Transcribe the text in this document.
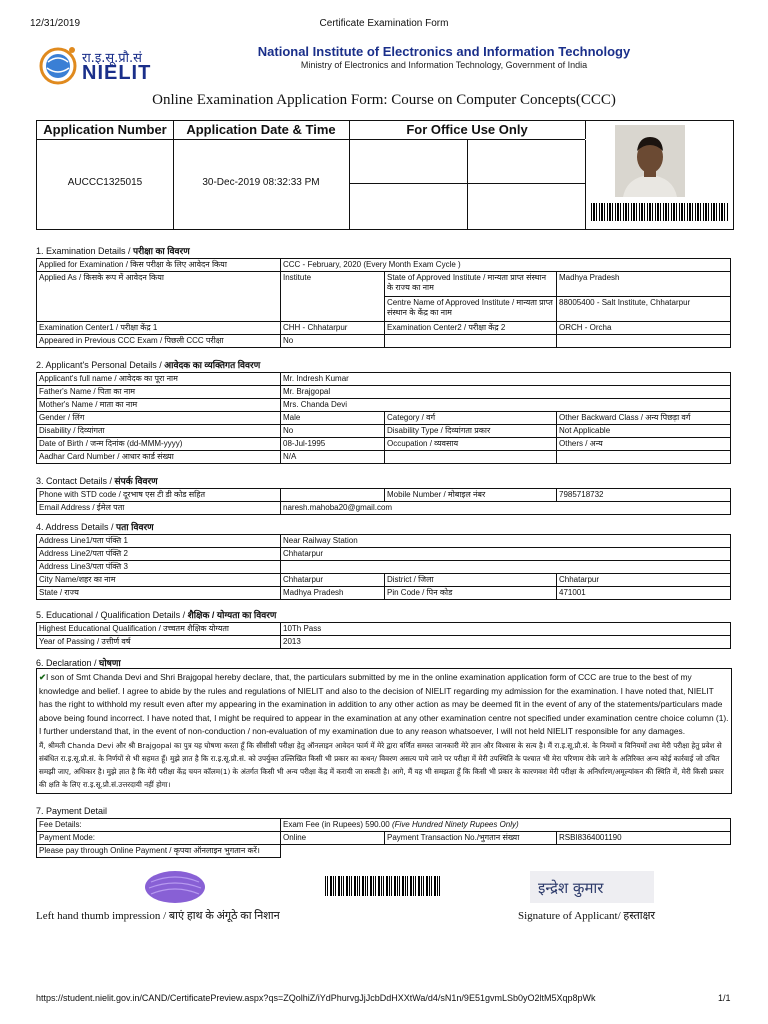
12/31/2019	Certificate Examination Form
रा.इ.सू.प्रौ.सं
NIELIT
National Institute of Electronics and Information Technology
Ministry of Electronics and Information Technology, Government of India
Online Examination Application Form: Course on Computer Concepts(CCC)
Application Number	Application Date & Time	For Office Use Only
AUCCC1325015	30-Dec-2019 08:32:33 PM
1. Examination Details / परीक्षा का विवरण
Applied for Examination / किस परीक्षा के लिए आवेदन किया	CCC - February, 2020 (Every Month Exam Cycle )		
Applied As / किसके रूप में आवेदन किया	Institute	State of Approved Institute / मान्यता प्राप्त संस्थान के राज्य का नाम	Madhya Pradesh
		Centre Name of Approved Institute / मान्यता प्राप्त संस्थान के केंद्र का नाम	88005400 - Salt Institute, Chhatarpur
Examination Center1 / परीक्षा केंद्र 1	CHH - Chhatarpur	Examination Center2 / परीक्षा केंद्र 2	ORCH - Orcha
Appeared in Previous CCC Exam / पिछली CCC परीक्षा	No		
2. Applicant's Personal Details / आवेदक का व्यक्तिगत विवरण
Applicant's full name / आवेदक का पूरा नाम	Mr. Indresh Kumar		
Father's Name / पिता का नाम	Mr. Brajgopal		
Mother's Name / माता का नाम	Mrs. Chanda Devi		
Gender / लिंग	Male	Category / वर्ग	Other Backward Class / अन्य पिछड़ा वर्ग
Disability / दिव्यांगता	No	Disability Type / दिव्यांगता प्रकार	Not Applicable
Date of Birth / जन्म दिनांक (dd-MMM-yyyy)	08-Jul-1995	Occupation / व्यवसाय	Others / अन्य
Aadhar Card Number / आधार कार्ड संख्या	N/A		
3. Contact Details / संपर्क विवरण
Phone with STD code / दूरभाष एस टी डी कोड सहित		Mobile Number / मोबाइल नंबर	7985718732
Email Address / ईमेल पता	naresh.mahoba20@gmail.com		
4. Address Details / पता विवरण
Address Line1/पता पंक्ति 1	Near Railway Station		
Address Line2/पता पंक्ति 2	Chhatarpur		
Address Line3/पता पंक्ति 3			
City Name/शहर का नाम	Chhatarpur	District / जिला	Chhatarpur
State / राज्य	Madhya Pradesh	Pin Code / पिन कोड	471001
5. Educational / Qualification Details / शैक्षिक / योग्यता का विवरण
Highest Educational Qualification / उच्चतम शैक्षिक योग्यता	10Th Pass
Year of Passing / उत्तीर्ण वर्ष	2013
6. Declaration / घोषणा
✔I son of Smt Chanda Devi and Shri Brajgopal hereby declare, that, the particulars submitted by me in the online examination application form of CCC are true to the best of my knowledge and belief. I agree to abide by the rules and regulations of NIELIT and also to the decision of NIELIT regarding my admission for the examination. I have noted that, NIELIT has the right to withhold my result even after my appearing in the examination in addition to any other action as may be deemed fit in the event of any of the statements/particulars made above being found incorrect. I have noted that, I might be required to appear in the examination at any other examination centre not specified under examination centre choice column (1). I further understand that, in the event of non-conduction / non-evaluation of my examination due to any reason whatsoever, I will not held NIELIT responsible for any damages.
मैं, श्रीमती Chanda Devi और श्री Brajgopal का पुत्र यह घोषणा करता हूँ कि सीसीसी परीक्षा हेतु ऑनलाइन आवेदन फार्म में मेरे द्वारा वर्णित समस्त जानकारी मेरे ज्ञान और विश्वास के सत्य है। मैं रा.इ.सू.प्रौ.सं. के नियमों व विनियमों तथा मेरी परीक्षा हेतु प्रवेश से संबंधित रा.इ.सू.प्रौ.सं. के निर्णयों से भी सहमत हूँ। मुझे ज्ञात है कि रा.इ.सू.प्रौ.सं. को उपर्युक्त उल्लिखित किसी भी प्रकार का कथन/ विवरण असत्य पाये जाने पर परीक्षा में मेरी उपस्थिति के पश्चात भी मेरा परिणाम रोके जाने के अतिरिक्त अन्य कोई कार्रवाई जो उचित समझी जाए, अधिकार है। मुझे ज्ञात है कि मेरी परीक्षा केंद्र चयन कॉलम(1) के अंतर्गत किसी भी अन्य परीक्षा केंद्र में करायी जा सकती है। आगे, मैं यह भी समझता हूँ कि किसी भी प्रकार के कारणवश मेरी परीक्षा के अनिर्धारण/अमूल्यांकन की स्थिति में, मेरी किसी प्रकार की क्षति के लिए रा.इ.सू.प्रौ.सं.उत्तरदायी नहीं होगा।
7. Payment Detail
Fee Details:	Exam Fee (in Rupees) 590.00 (Five Hundred Ninety Rupees Only)		
Payment Mode:	Online	Payment Transaction No./भुगतान संख्या	RSBI8364001190
Please pay through Online Payment / कृपया ऑनलाइन भुगतान करें।			
इन्द्रेश कुमार
Left hand thumb impression / बाएं हाथ के अंगूठे का निशान	Signature of Applicant/ हस्ताक्षर
https://student.nielit.gov.in/CAND/CertificatePreview.aspx?qs=ZQolhiZ/iYdPhurvgJjJcbDdHXXtWa/d4/sN1n/9E51gvmLSb0yO2ltM5Xqp8pWk	1/1
